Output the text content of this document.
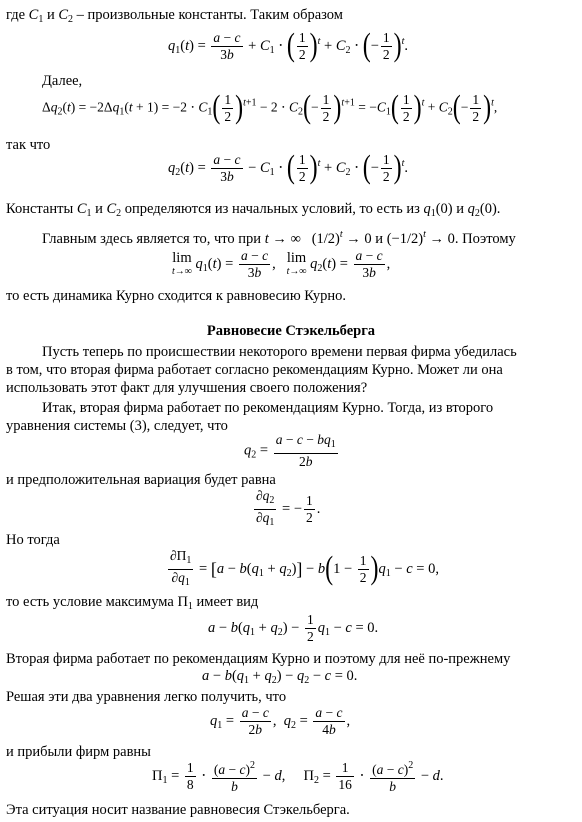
где $C_1$ и $C_2$ – произвольные константы. Таким образом
$q_1(t) = \frac{a - c}{3b} + C_1$ ⋅ ( $\frac{1}{2} )^t + C_2$ ⋅ (− $\frac{1}{2} )^t$.
Далее,
$\Delta q_2(t) = -2\Delta q_1(t + 1) = -2 \cdot C_1( \frac{1}{2} )^{t+1} - 2 \cdot C_2(- \frac{1}{2} )^{t+1} = -C_1( \frac{1}{2} )^t + C_2(- \frac{1}{2} )^t$,
так что
$q_2(t) = \frac{a - c}{3b} - C_1$ ⋅ ( $\frac{1}{2} )^t + C_2$ ⋅ (− $\frac{1}{2} )^t$.
Константы $C_1$ и $C_2$ определяются из начальных условий, то есть из $q_1(0)$ и $q_2(0)$.
Главным здесь является то, что при t → ∞   $(1/2)^t \to 0$ и $(-1/2)^t \to 0$. Поэтому
lim
t→∞ $q_1(t) = \frac{a - c}{3b}$ , lim
t→∞ $q_2(t) = \frac{a - c}{3b}$ ,
то есть динамика Курно сходится к равновесию Курно.
Равновесие Стэкельберга
Пусть теперь по происшествии некоторого времени первая фирма убедилась
в том, что вторая фирма работает согласно рекомендациям Курно. Может ли она
использовать этот факт для улучшения своего положения?
Итак, вторая фирма работает по рекомендациям Курно. Тогда, из второго
уравнения системы (3), следует, что
$q_2 = \frac{a - c - bq_1}{2b}$
и предположительная вариация будет равна
$\frac{\partial q_2}{\partial q_1}$ = − $\frac{1}{2}$ .
Но тогда
$\frac{\partial\Pi_1}{\partial q_1} = [a - b(q_1 + q_2)] - b(1 - \frac{1}{2} )q_1 - c = 0$,
то есть условие максимума $\Pi_1$ имеет вид
$a - b(q_1 + q_2) - \frac{1}{2} q_1 - c = 0$.
Вторая фирма работает по рекомендациям Курно и поэтому для неё по-прежнему
$a - b(q_1 + q_2) - q_2 - c = 0$.
Решая эти два уравнения легко получить, что
$q_1 = \frac{a - c}{2b}$ ,  $q_2 = \frac{a - c}{4b}$ ,
и прибыли фирм равны
$\Pi_1 = \frac{1}{8} \cdot \frac{(a - c)^2}{b} - d$,     $\Pi_2 = \frac{1}{16} \cdot \frac{(a - c)^2}{b} - d$.
Эта ситуация носит название равновесия Стэкельберга.
